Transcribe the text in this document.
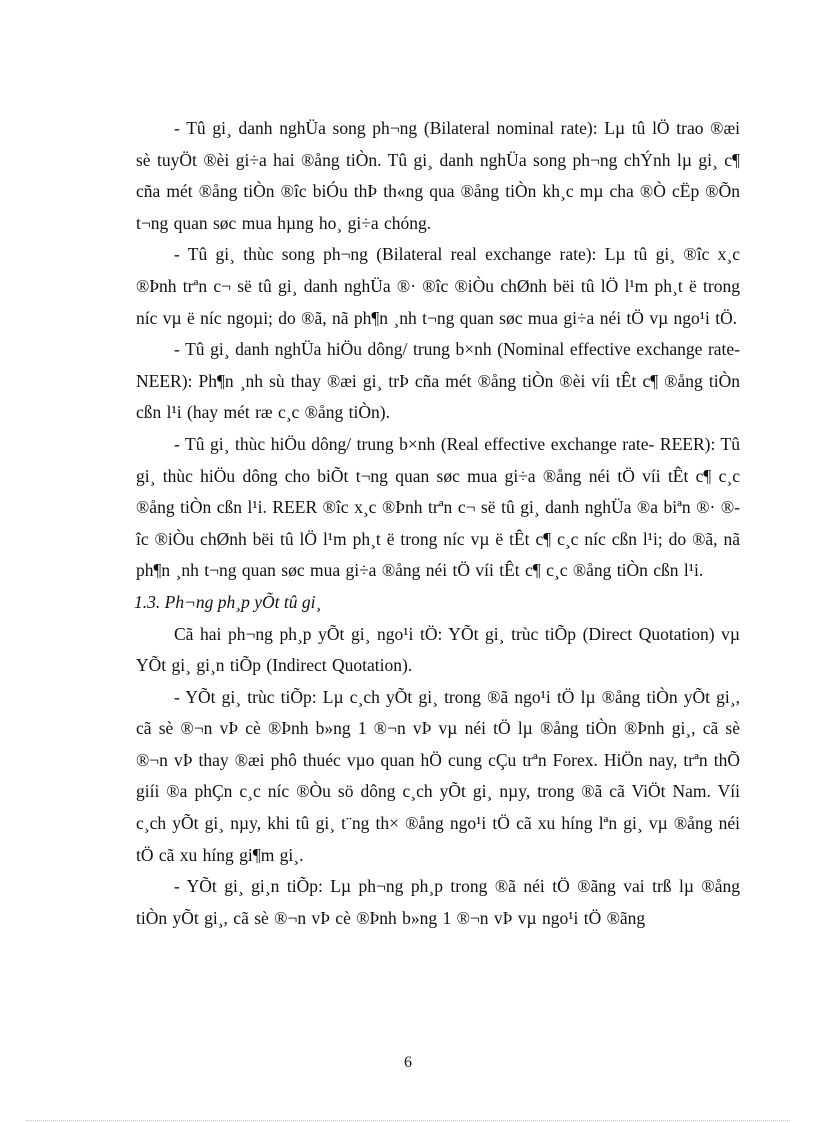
- Tû gi¸ danh nghÜa song ph¬ng (Bilateral nominal rate): Lµ tû lÖ trao ®æi sè tuyÖt ®èi gi÷a hai ®ång tiÒn. Tû gi¸ danh nghÜa song ph¬ng chÝnh lµ gi¸ c¶ cña mét ®ång tiÒn ®îc biÓu thÞ th«ng qua ®ång tiÒn kh¸c mµ cha ®Ò cËp ®Õn t¬ng quan søc mua hµng ho¸ gi÷a chóng.

- Tû gi¸ thùc song ph¬ng (Bilateral real exchange rate): Lµ tû gi¸ ®îc x¸c ®Þnh trªn c¬ së tû gi¸ danh nghÜa ®· ®îc ®iÒu chØnh bëi tû lÖ l¹m ph¸t ë trong níc vµ ë níc ngoµi; do ®ã, nã ph¶n ¸nh t¬ng quan søc mua gi÷a néi tÖ vµ ngo¹i tÖ.

- Tû gi¸ danh nghÜa hiÖu dông/ trung b×nh (Nominal effective exchange rate- NEER): Ph¶n ¸nh sù thay ®æi gi¸ trÞ cña mét ®ång tiÒn ®èi víi tÊt c¶ ®ång tiÒn cßn l¹i (hay mét ræ c¸c ®ång tiÒn).

- Tû gi¸ thùc hiÖu dông/ trung b×nh (Real effective exchange rate- REER): Tû gi¸ thùc hiÖu dông cho biÕt t¬ng quan søc mua gi÷a ®ång néi tÖ víi tÊt c¶ c¸c ®ång tiÒn cßn l¹i. REER ®îc x¸c ®Þnh trªn c¬ së tû gi¸ danh nghÜa ®a biªn ®· ®îc ®iÒu chØnh bëi tû lÖ l¹m ph¸t ë trong níc vµ ë tÊt c¶ c¸c níc cßn l¹i; do ®ã, nã ph¶n ¸nh t¬ng quan søc mua gi÷a ®ång néi tÖ víi tÊt c¶ c¸c ®ång tiÒn cßn l¹i.

1.3. Ph¬ng ph¸p yÕt tû gi¸

Cã hai ph¬ng ph¸p yÕt gi¸ ngo¹i tÖ: YÕt gi¸ trùc tiÕp (Direct Quotation) vµ YÕt gi¸ gi¸n tiÕp (Indirect Quotation).

- YÕt gi¸ trùc tiÕp: Lµ c¸ch yÕt gi¸ trong ®ã ngo¹i tÖ lµ ®ång tiÒn yÕt gi¸, cã sè ®¬n vÞ cè ®Þnh b»ng 1 ®¬n vÞ vµ néi tÖ lµ ®ång tiÒn ®Þnh gi¸, cã sè ®¬n vÞ thay ®æi phô thuéc vµo quan hÖ cung cÇu trªn Forex. HiÖn nay, trªn thÕ giíi ®a phÇn c¸c níc ®Òu sö dông c¸ch yÕt gi¸ nµy, trong ®ã cã ViÖt Nam. Víi c¸ch yÕt gi¸ nµy, khi tû gi¸ t¨ng th× ®ång ngo¹i tÖ cã xu híng lªn gi¸ vµ ®ång néi tÖ cã xu híng gi¶m gi¸.

- YÕt gi¸ gi¸n tiÕp: Lµ ph¬ng ph¸p trong ®ã néi tÖ ®ãng vai trß lµ ®ång tiÒn yÕt gi¸, cã sè ®¬n vÞ cè ®Þnh b»ng 1 ®¬n vÞ vµ ngo¹i tÖ ®ãng

6
